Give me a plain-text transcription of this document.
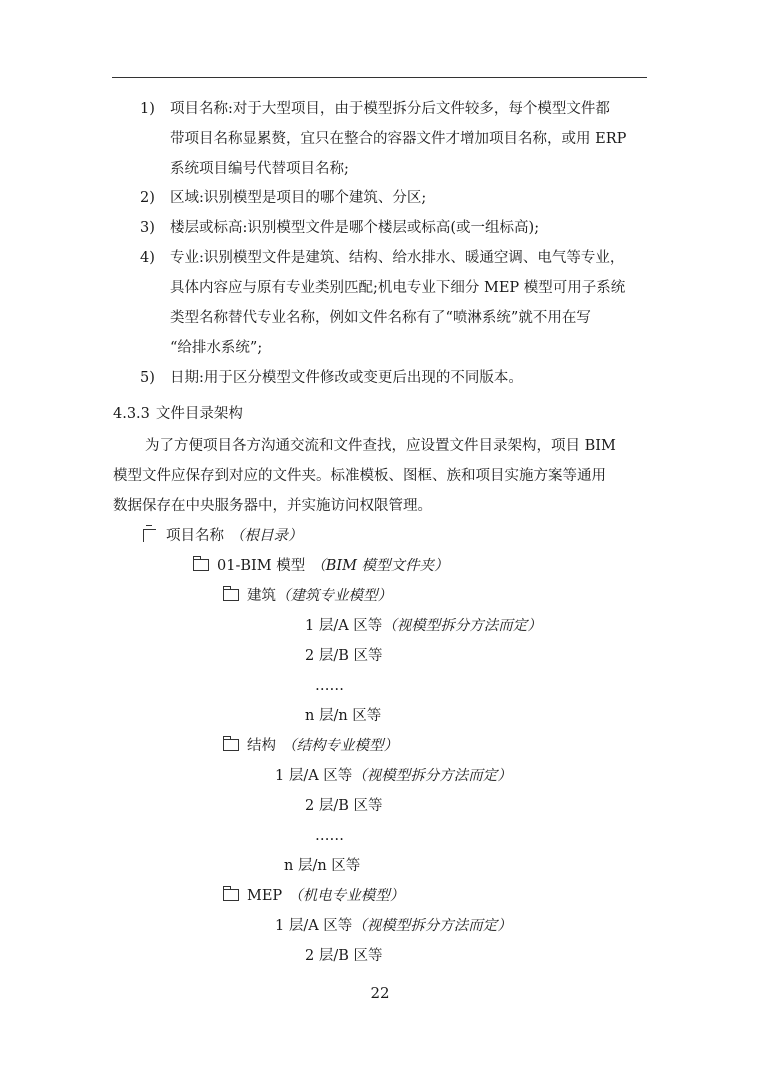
1) 项目名称:对于大型项目，由于模型拆分后文件较多，每个模型文件都
带项目名称显累赘，宜只在整合的容器文件才增加项目名称，或用 ERP
系统项目编号代替项目名称;
2) 区域:识别模型是项目的哪个建筑、分区;
3) 楼层或标高:识别模型文件是哪个楼层或标高(或一组标高);
4) 专业:识别模型文件是建筑、结构、给水排水、暖通空调、电气等专业，
具体内容应与原有专业类别匹配;机电专业下细分 MEP 模型可用子系统
类型名称替代专业名称，例如文件名称有了“喷淋系统”就不用在写
“给排水系统”;
5) 日期:用于区分模型文件修改或变更后出现的不同版本。
4.3.3 文件目录架构
为了方便项目各方沟通交流和文件查找，应设置文件目录架构，项目 BIM
模型文件应保存到对应的文件夹。标准模板、图框、族和项目实施方案等通用
数据保存在中央服务器中，并实施访问权限管理。
项目名称 （根目录）
01-BIM 模型 （BIM 模型文件夹）
建筑（建筑专业模型）
1 层/A 区等（视模型拆分方法而定）
2 层/B 区等
……
n 层/n 区等
结构 （结构专业模型）
1 层/A 区等（视模型拆分方法而定）
2 层/B 区等
……
n 层/n 区等
MEP （机电专业模型）
1 层/A 区等（视模型拆分方法而定）
2 层/B 区等
22
